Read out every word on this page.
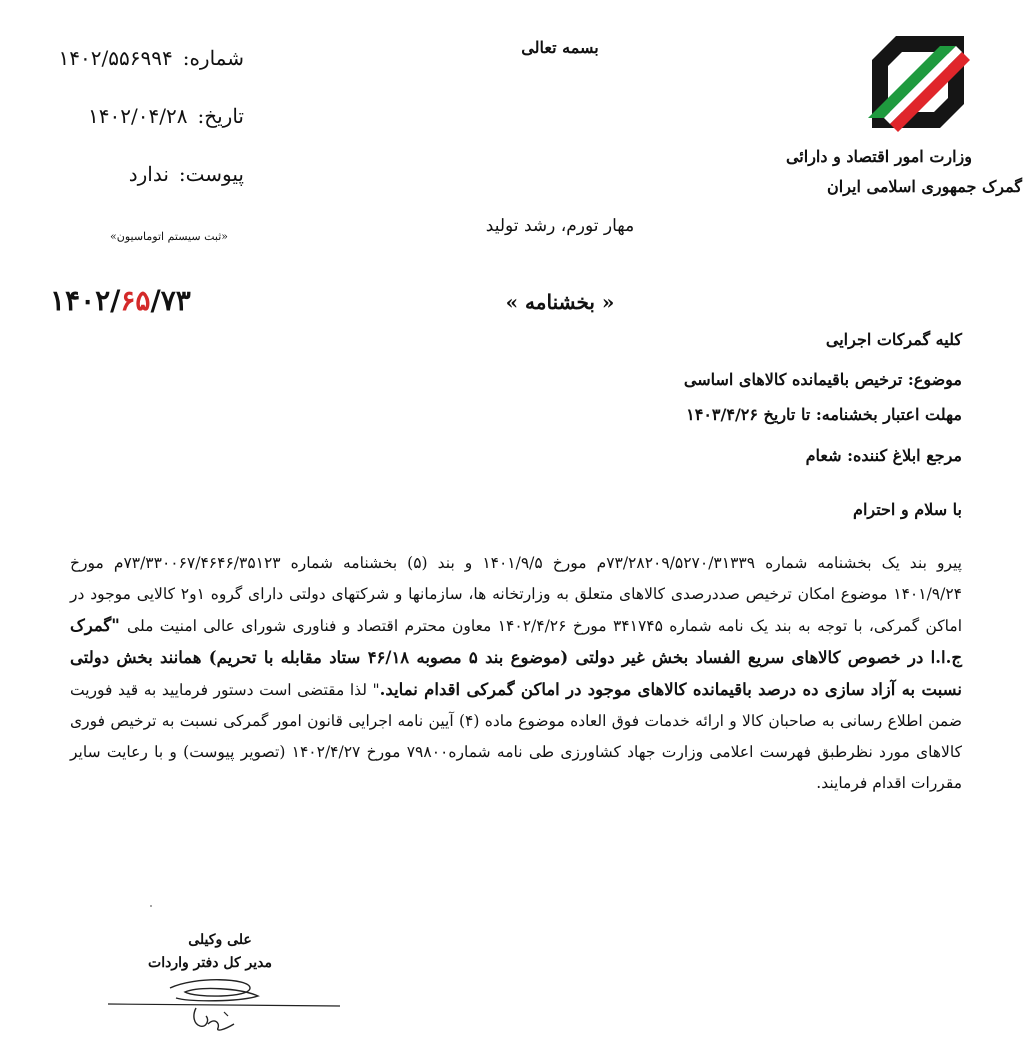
وزارت امور اقتصاد و دارائی
گمرک جمهوری اسلامی ایران
بسمه تعالی
مهار تورم، رشد تولید
شماره:۱۴۰۲/۵۵۶۹۹۴
تاریخ:۱۴۰۲/۰۴/۲۸
پیوست:ندارد
«ثبت سیستم اتوماسیون»
۱۴۰۲/۶۵/۷۳	« بخشنامه »
کلیه گمرکات اجرایی
موضوع: ترخیص باقیمانده کالاهای اساسی
مهلت اعتبار بخشنامه: تا تاریخ ۱۴۰۳/۴/۲۶
مرجع ابلاغ کننده: شعام
با سلام و احترام
پیرو بند یک بخشنامه شماره ۷۳/۲۸۲۰۹/۵۲۷۰/۳۱۳۳۹م مورخ ۱۴۰۱/۹/۵ و بند (۵) بخشنامه شماره ۷۳/۳۳۰۰۶۷/۴۶۴۶/۳۵۱۲۳م مورخ ۱۴۰۱/۹/۲۴ موضوع امکان ترخیص صددرصدی کالاهای متعلق به وزارتخانه ها، سازمانها و شرکتهای دولتی دارای گروه ۱و۲ کالایی موجود در اماکن گمرکی، با توجه به بند یک نامه شماره ۳۴۱۷۴۵ مورخ ۱۴۰۲/۴/۲۶ معاون محترم اقتصاد و فناوری شورای عالی امنیت ملی "گمرک ج.ا.ا در خصوص کالاهای سریع الفساد بخش غیر دولتی (موضوع بند ۵ مصوبه ۴۶/۱۸ ستاد مقابله با تحریم) همانند بخش دولتی نسبت به آزاد سازی ده درصد باقیمانده کالاهای موجود در اماکن گمرکی اقدام نماید." لذا مقتضی است دستور فرمایید به قید فوریت ضمن اطلاع رسانی به صاحبان کالا و ارائه خدمات فوق العاده موضوع ماده (۴) آیین نامه اجرایی قانون امور گمرکی نسبت به ترخیص فوری کالاهای مورد نظرطبق فهرست اعلامی وزارت جهاد کشاورزی طی نامه شماره۷۹۸۰۰ مورخ ۱۴۰۲/۴/۲۷ (تصویر پیوست) و با رعایت سایر مقررات اقدام فرمایند.
علی وکیلی
مدیر کل دفتر واردات
